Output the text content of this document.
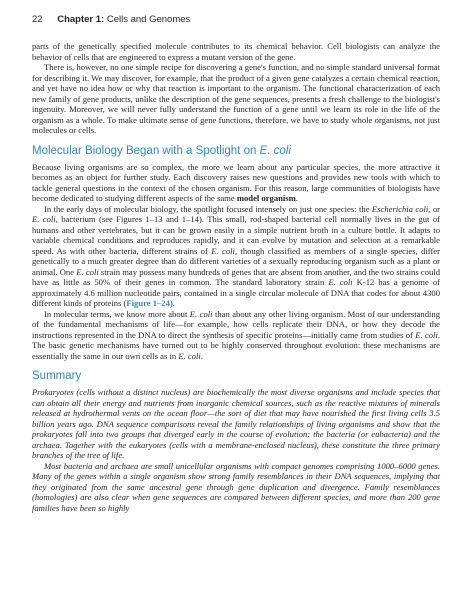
22 Chapter 1: Cells and Genomes

parts of the genetically specified molecule contributes to its chemical behavior. Cell biologists can analyze the behavior of cells that are engineered to express a mutant version of the gene.

There is, however, no one simple recipe for discovering a gene's function, and no simple standard universal format for describing it. We may discover, for example, that the product of a given gene catalyzes a certain chemical reaction, and yet have no idea how or why that reaction is important to the organism. The functional characterization of each new family of gene products, unlike the description of the gene sequences, presents a fresh challenge to the biologist's ingenuity. Moreover, we will never fully understand the function of a gene until we learn its role in the life of the organism as a whole. To make ultimate sense of gene functions, therefore, we have to study whole organisms, not just molecules or cells.

Molecular Biology Began with a Spotlight on E. coli

Because living organisms are so complex, the more we learn about any particular species, the more attractive it becomes as an object for further study. Each discovery raises new questions and provides new tools with which to tackle general questions in the context of the chosen organism. For this reason, large communities of biologists have become dedicated to studying different aspects of the same model organism.

In the early days of molecular biology, the spotlight focused intensely on just one species: the Escherichia coli, or E. coli, bacterium (see Figures 1–13 and 1–14). This small, rod-shaped bacterial cell normally lives in the gut of humans and other vertebrates, but it can be grown easily in a simple nutrient broth in a culture bottle. It adapts to variable chemical conditions and reproduces rapidly, and it can evolve by mutation and selection at a remarkable speed. As with other bacteria, different strains of E. coli, though classified as members of a single species, differ genetically to a much greater degree than do different varieties of a sexually reproducing organism such as a plant or animal. One E. coli strain may possess many hundreds of genes that are absent from another, and the two strains could have as little as 50% of their genes in common. The standard laboratory strain E. coli K-12 has a genome of approximately 4.6 million nucleotide pairs, contained in a single circular molecule of DNA that codes for about 4300 different kinds of proteins (Figure 1–24).

In molecular terms, we know more about E. coli than about any other living organism. Most of our understanding of the fundamental mechanisms of life—for example, how cells replicate their DNA, or how they decode the instructions represented in the DNA to direct the synthesis of specific proteins—initially came from studies of E. coli. The basic genetic mechanisms have turned out to be highly conserved throughout evolution: these mechanisms are essentially the same in our own cells as in E. coli.

Summary

Prokaryotes (cells without a distinct nucleus) are biochemically the most diverse organisms and include species that can obtain all their energy and nutrients from inorganic chemical sources, such as the reactive mixtures of minerals released at hydrothermal vents on the ocean floor—the sort of diet that may have nourished the first living cells 3.5 billion years ago. DNA sequence comparisons reveal the family relationships of living organisms and show that the prokaryotes fall into two groups that diverged early in the course of evolution: the bacteria (or eubacteria) and the archaea. Together with the eukaryotes (cells with a membrane-enclosed nucleus), these constitute the three primary branches of the tree of life.

Most bacteria and archaea are small unicellular organisms with compact genomes comprising 1000–6000 genes. Many of the genes within a single organism show strong family resemblances in their DNA sequences, implying that they originated from the same ancestral gene through gene duplication and divergence. Family resemblances (homologies) are also clear when gene sequences are compared between different species, and more than 200 gene families have been so highly
